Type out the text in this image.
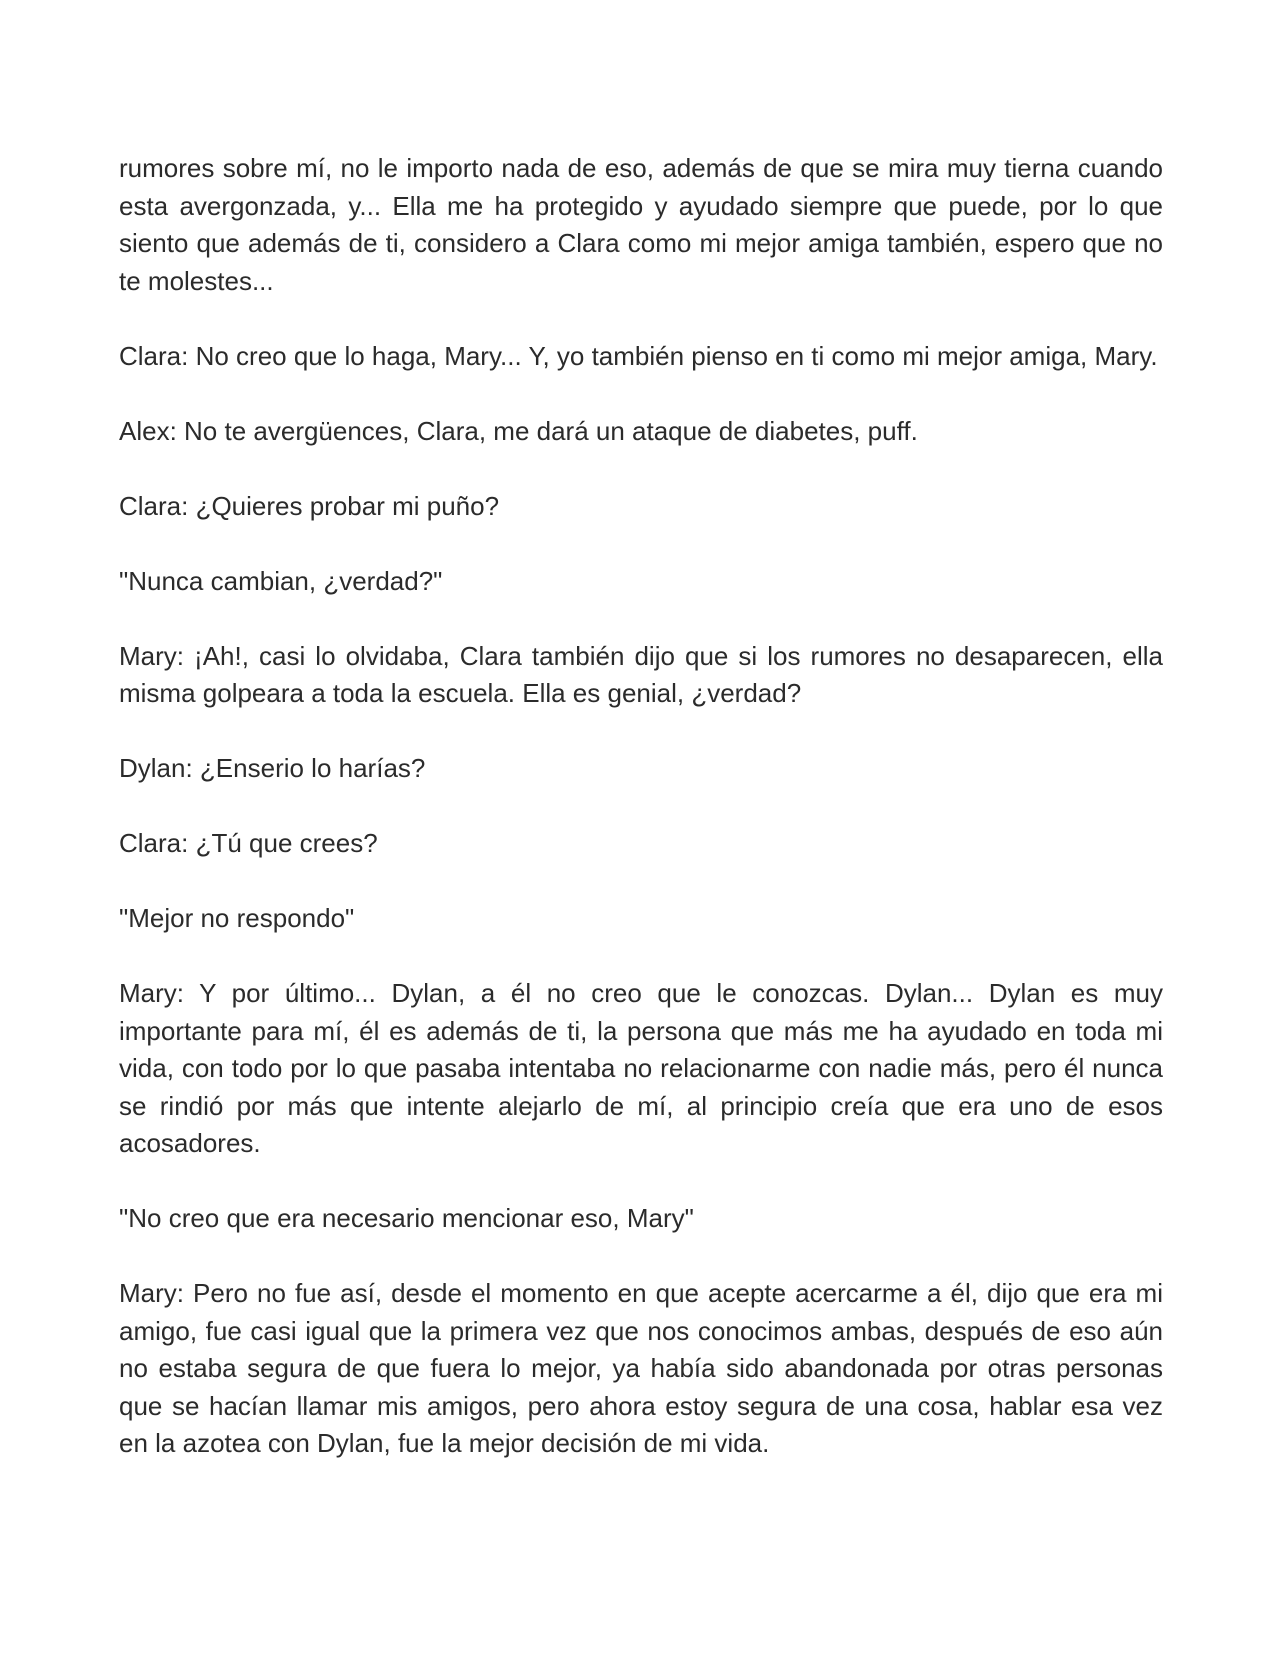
rumores sobre mí, no le importo nada de eso, además de que se mira muy tierna cuando esta avergonzada, y... Ella me ha protegido y ayudado siempre que puede, por lo que siento que además de ti, considero a Clara como mi mejor amiga también, espero que no te molestes...

Clara: No creo que lo haga, Mary... Y, yo también pienso en ti como mi mejor amiga, Mary.

Alex: No te avergüences, Clara, me dará un ataque de diabetes, puff.

Clara: ¿Quieres probar mi puño?

"Nunca cambian, ¿verdad?"

Mary: ¡Ah!, casi lo olvidaba, Clara también dijo que si los rumores no desaparecen, ella misma golpeara a toda la escuela. Ella es genial, ¿verdad?

Dylan: ¿Enserio lo harías?

Clara: ¿Tú que crees?

"Mejor no respondo"

Mary: Y por último... Dylan, a él no creo que le conozcas. Dylan... Dylan es muy importante para mí, él es además de ti, la persona que más me ha ayudado en toda mi vida, con todo por lo que pasaba intentaba no relacionarme con nadie más, pero él nunca se rindió por más que intente alejarlo de mí, al principio creía que era uno de esos acosadores.

"No creo que era necesario mencionar eso, Mary"

Mary: Pero no fue así, desde el momento en que acepte acercarme a él, dijo que era mi amigo, fue casi igual que la primera vez que nos conocimos ambas, después de eso aún no estaba segura de que fuera lo mejor, ya había sido abandonada por otras personas que se hacían llamar mis amigos, pero ahora estoy segura de una cosa, hablar esa vez en la azotea con Dylan, fue la mejor decisión de mi vida.
